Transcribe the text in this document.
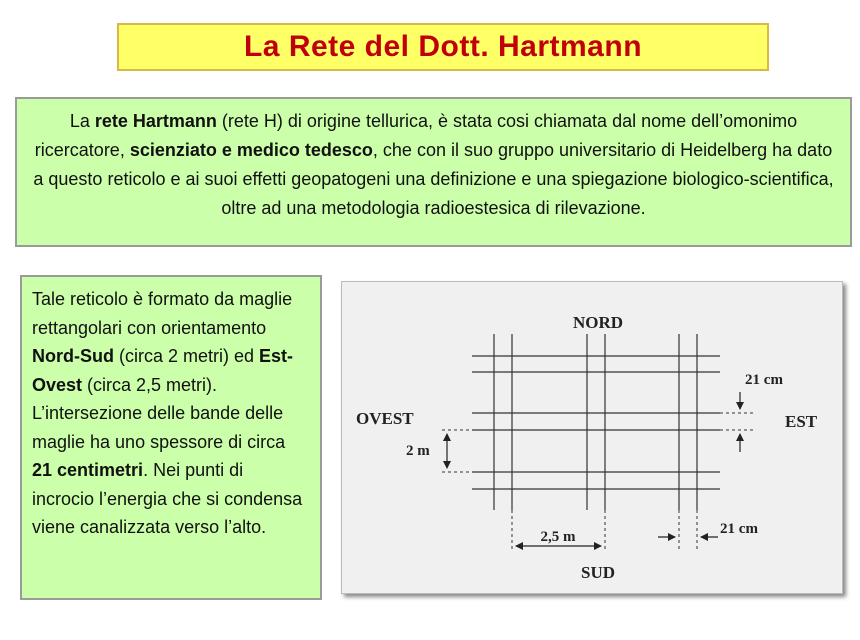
La Rete del Dott. Hartmann
La rete Hartmann (rete H) di origine tellurica, è stata cosi chiamata dal nome dell’omonimo ricercatore, scienziato e medico tedesco, che con il suo gruppo universitario di Heidelberg ha dato a questo reticolo e ai suoi effetti geopatogeni una definizione e una spiegazione biologico-scientifica, oltre ad una metodologia radioestesica di rilevazione.
Tale reticolo è formato da maglie rettangolari con orientamento Nord-Sud (circa 2 metri) ed Est-Ovest (circa 2,5 metri). L’intersezione delle bande delle maglie ha uno spessore di circa 21 centimetri. Nei punti di incrocio l’energia che si condensa viene canalizzata verso l’alto.
NORD
SUD
OVEST	EST
21 cm
21 cm
2 m
2,5 m
